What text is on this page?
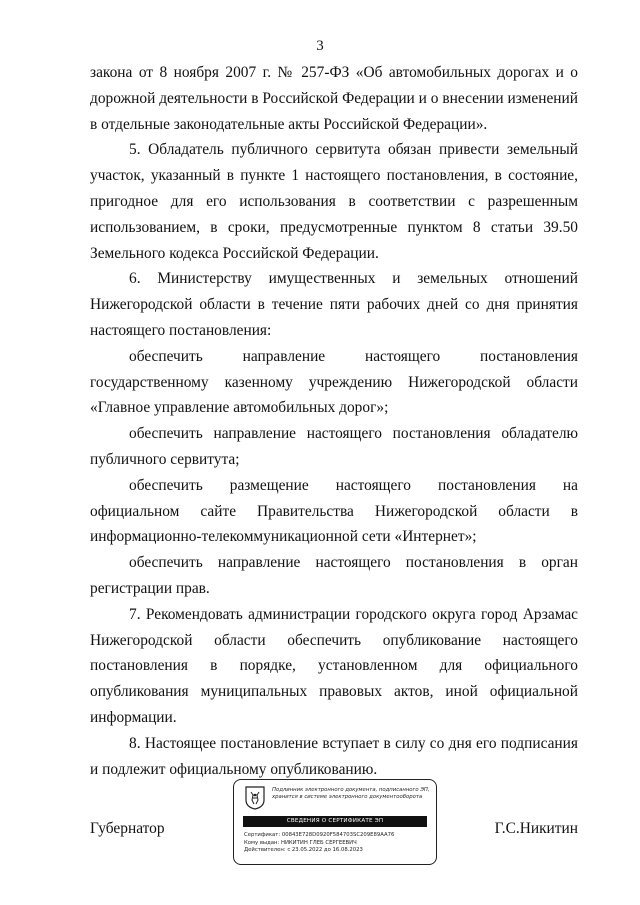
3

закона от 8 ноября 2007 г. № 257-ФЗ «Об автомобильных дорогах и о дорожной деятельности в Российской Федерации и о внесении изменений в отдельные законодательные акты Российской Федерации».

5. Обладатель публичного сервитута обязан привести земельный участок, указанный в пункте 1 настоящего постановления, в состояние, пригодное для его использования в соответствии с разрешенным использованием, в сроки, предусмотренные пунктом 8 статьи 39.50 Земельного кодекса Российской Федерации.

6. Министерству имущественных и земельных отношений Нижегородской области в течение пяти рабочих дней со дня принятия настоящего постановления:

обеспечить направление настоящего постановления государственному казенному учреждению Нижегородской области «Главное управление автомобильных дорог»;

обеспечить направление настоящего постановления обладателю публичного сервитута;

обеспечить размещение настоящего постановления на официальном сайте Правительства Нижегородской области в информационно-телекоммуникационной сети «Интернет»;

обеспечить направление настоящего постановления в орган регистрации прав.

7. Рекомендовать администрации городского округа город Арзамас Нижегородской области обеспечить опубликование настоящего постановления в порядке, установленном для официального опубликования муниципальных правовых актов, иной официальной информации.

8. Настоящее постановление вступает в силу со дня его подписания и подлежит официальному опубликованию.

Подлинник электронного документа, подписанного ЭП, хранится в системе электронного документооборота
СВЕДЕНИЯ О СЕРТИФИКАТЕ ЭП
Сертификат: 00843E728D0920F584703SC209E89AA76
Кому выдан: НИКИТИН ГЛЕБ СЕРГЕЕВИЧ
Действителен: с 23.05.2022 до 16.08.2023
Губернатор	Г.С.Никитин
